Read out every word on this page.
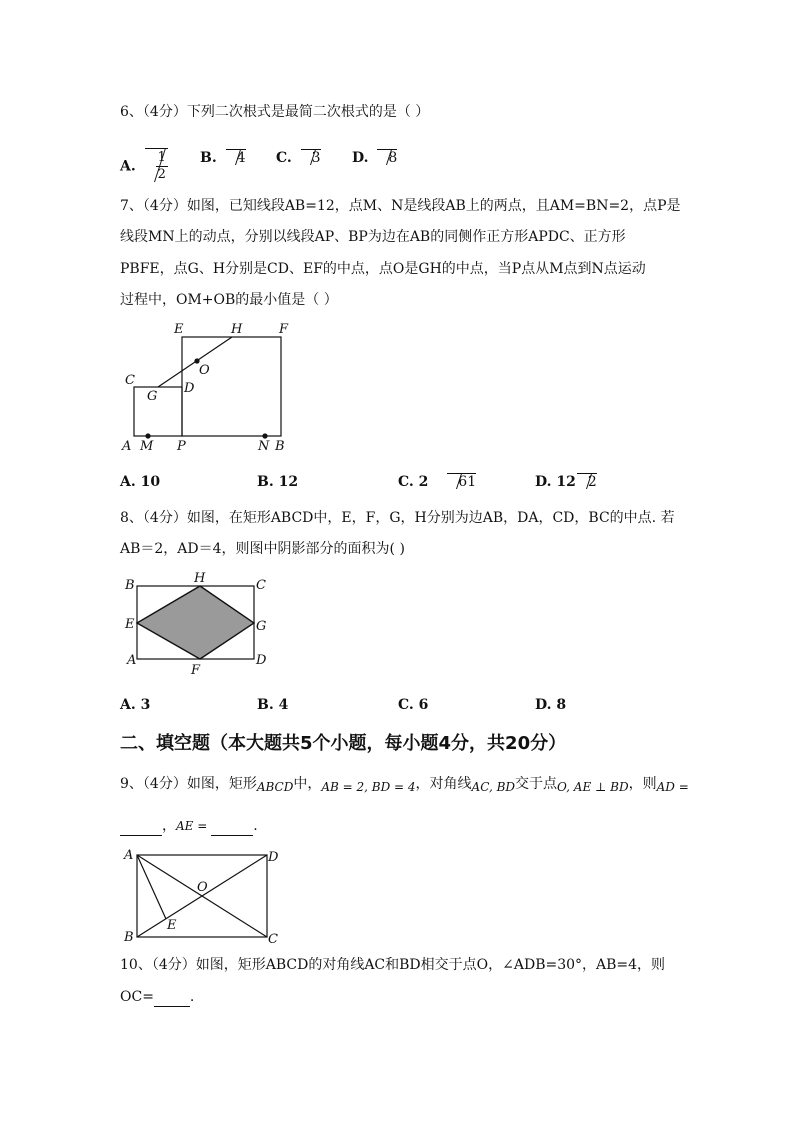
6、（4分）下列二次根式是最简二次根式的是（ ）
A. $\frac{1}{2} B$. 4 C. 3 D. 8
7、（4分）如图，已知线段AB=12，点M、N是线段AB上的两点，且AM=BN=2，点P是
线段MN上的动点，分别以线段AP、BP为边在AB的同侧作正方形APDC、正方形
PBFE，点G、H分别是CD、EF的中点，点O是GH的中点，当P点从M点到N点运动
过程中，OM+OB的最小值是（ ）
E	H	F
O
C
G
D
A M P	N B
A. 10	B. 12	C. 2 61	D. 12 2
8、（4分）如图，在矩形ABCD中，E，F，G，H分别为边AB，DA，CD，BC的中点. 若
AB＝2，AD＝4，则图中阴影部分的面积为( )
B	H	C
E	G
A
F
D
A. 3	B. 4	C. 6	D. 8
二、填空题（本大题共5个小题，每小题4分，共20分）
9、（4分）如图，矩形ABCD中，AB = 2, BD = 4，对角线AC, BD交于点O, AE ⊥ BD，则AD =
，AE =	.
A	D
O
E
B	C
10、（4分）如图，矩形ABCD的对角线AC和BD相交于点O，∠ADB=30°，AB=4，则
OC=	.
